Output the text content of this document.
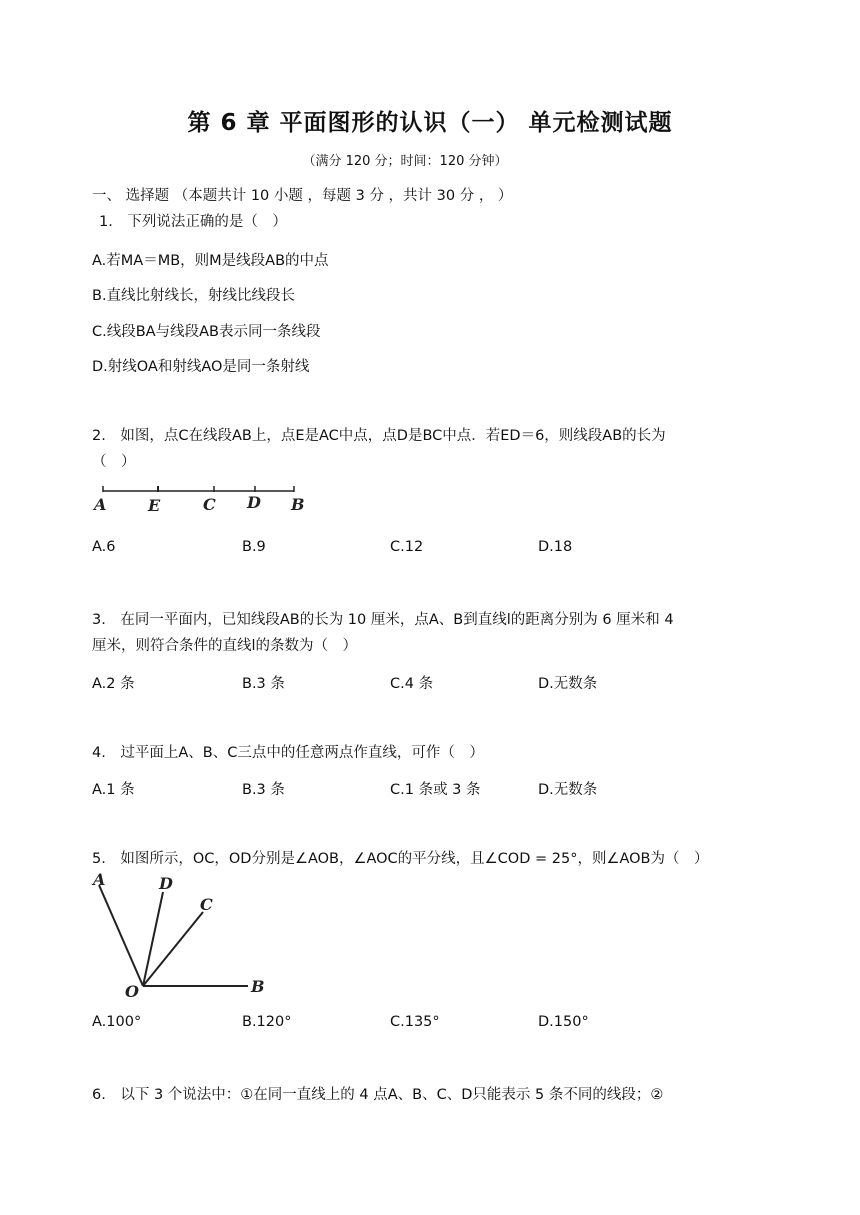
第 6 章 平面图形的认识（一） 单元检测试题
（满分 120 分；时间：120 分钟）
一、 选择题 （本题共计 10 小题 ，每题 3 分 ，共计 30 分 ， ）
1.　下列说法正确的是（　）
A.若MA＝MB，则M是线段AB的中点
B.直线比射线长，射线比线段长
C.线段BA与线段AB表示同一条线段
D.射线OA和射线AO是同一条射线
2.　如图，点C在线段AB上，点E是AC中点，点D是BC中点．若ED＝6，则线段AB的长为
（　）
A	E	C D B
A.6	B.9	C.12	D.18
3.　在同一平面内，已知线段AB的长为 10 厘米，点A、B到直线l的距离分别为 6 厘米和 4
厘米，则符合条件的直线l的条数为（　）
A.2 条	B.3 条	C.4 条	D.无数条
4.　过平面上A、B、C三点中的任意两点作直线，可作（　）
A.1 条	B.3 条	C.1 条或 3 条	D.无数条
5.　如图所示，OC，OD分别是∠AOB，∠AOC的平分线，且∠COD = 25°，则∠AOB为（　）
A	D
C
O	B
A.100°	B.120°	C.135°	D.150°
6.　以下 3 个说法中：①在同一直线上的 4 点A、B、C、D只能表示 5 条不同的线段；②
